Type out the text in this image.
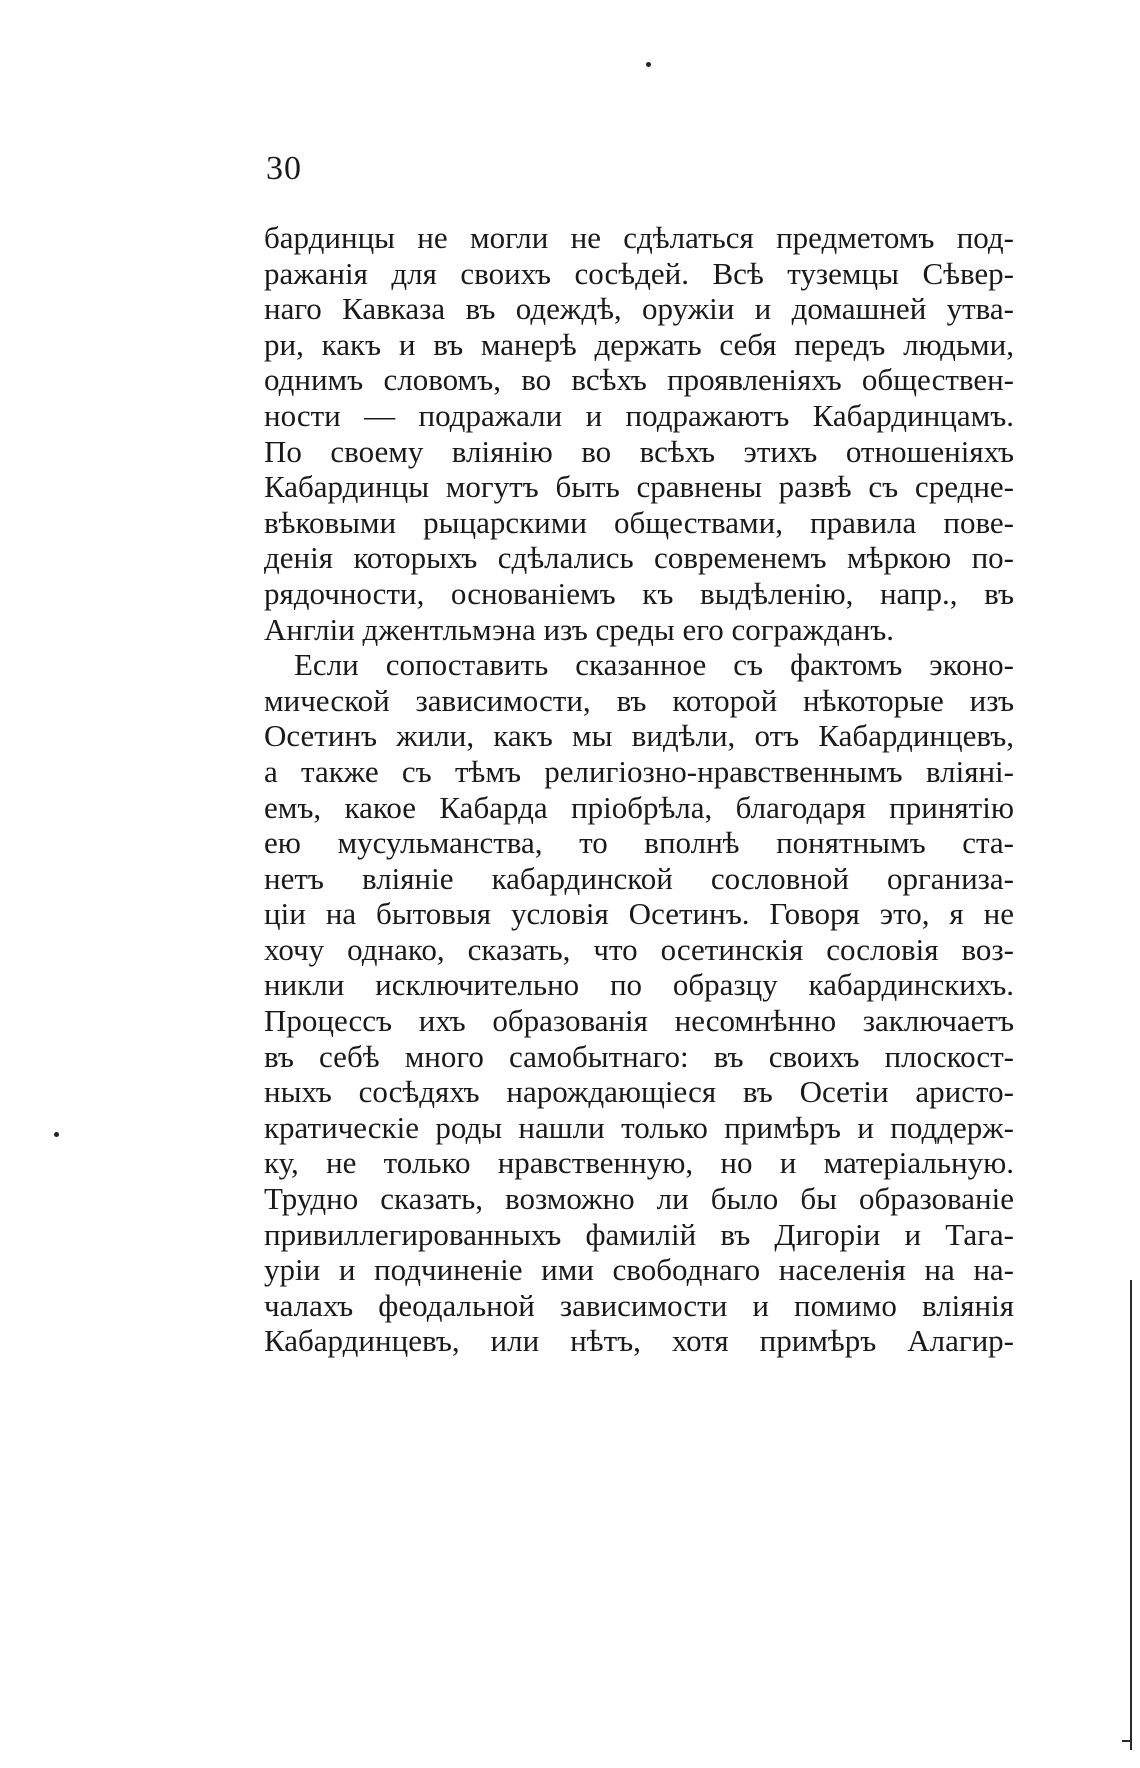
30
бардинцы не могли не сдѣлаться предметомъ под-
ражанія для своихъ сосѣдей. Всѣ туземцы Сѣвер-
наго Кавказа въ одеждѣ, оружіи и домашней утва-
ри, какъ и въ манерѣ держать себя передъ людьми,
однимъ словомъ, во всѣхъ проявленіяхъ обществен-
ности — подражали и подражаютъ Кабардинцамъ.
По своему вліянію во всѣхъ этихъ отношеніяхъ
Кабардинцы могутъ быть сравнены развѣ съ средне-
вѣковыми рыцарскими обществами, правила пове-
денія которыхъ сдѣлались современемъ мѣркою по-
рядочности, основаніемъ къ выдѣленію, напр., въ
Англіи джентльмэна изъ среды его согражданъ.
Если сопоставить сказанное съ фактомъ эконо-
мической зависимости, въ которой нѣкоторые изъ
Осетинъ жили, какъ мы видѣли, отъ Кабардинцевъ,
а также съ тѣмъ религіозно-нравственнымъ вліяні-
емъ, какое Кабарда пріобрѣла, благодаря принятію
ею мусульманства, то вполнѣ понятнымъ ста-
нетъ вліяніе кабардинской сословной организа-
ціи на бытовыя условія Осетинъ. Говоря это, я не
хочу однако, сказать, что осетинскія сословія воз-
никли исключительно по образцу кабардинскихъ.
Процессъ ихъ образованія несомнѣнно заключаетъ
въ себѣ много самобытнаго: въ своихъ плоскост-
ныхъ сосѣдяхъ нарождающіеся въ Осетіи аристо-
кратическіе роды нашли только примѣръ и поддерж-
ку, не только нравственную, но и матеріальную.
Трудно сказать, возможно ли было бы образованіе
привиллегированныхъ фамилій въ Дигоріи и Тага-
уріи и подчиненіе ими свободнаго населенія на на-
чалахъ феодальной зависимости и помимо вліянія
Кабардинцевъ, или нѣтъ, хотя примѣръ Алагир-
